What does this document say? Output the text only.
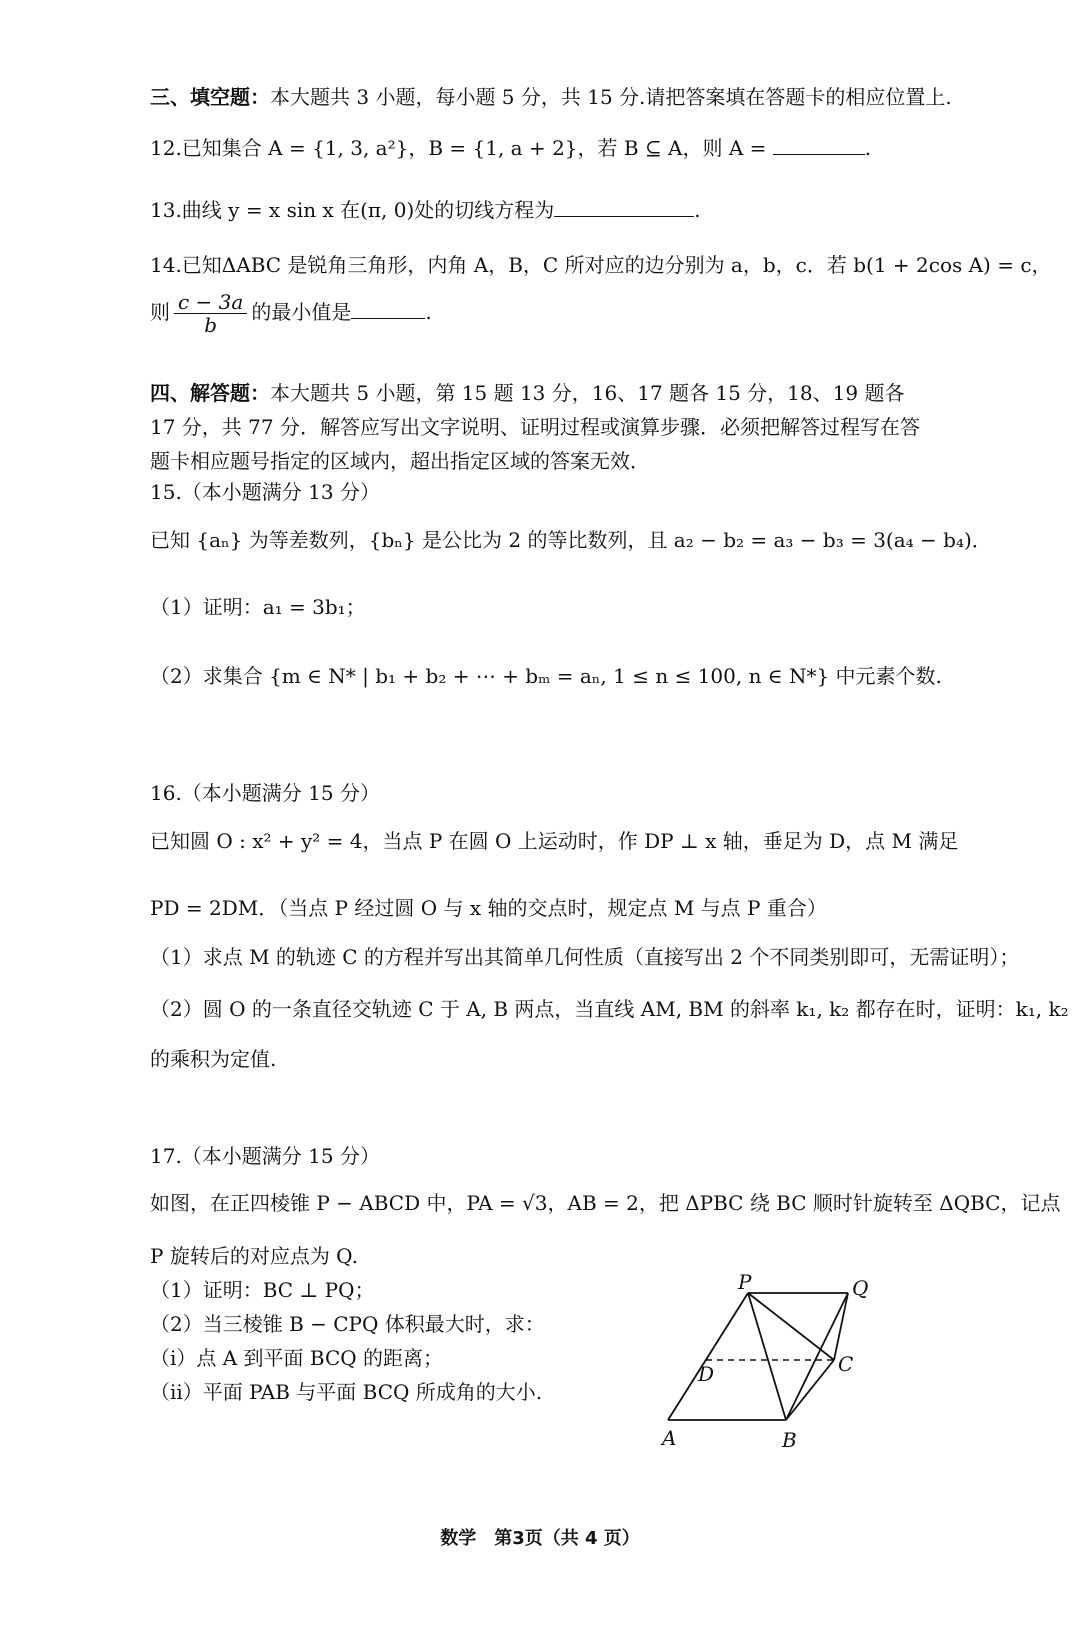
三、填空题：本大题共 3 小题，每小题 5 分，共 15 分.请把答案填在答题卡的相应位置上.
12.已知集合 A = {1, 3, a²}，B = {1, a + 2}，若 B ⊆ A，则 A =	.
13.曲线 y = x sin x 在(π, 0)处的切线方程为	.
14.已知ΔABC 是锐角三角形，内角 A，B，C 所对应的边分别为 a，b，c．若 b(1 + 2cos A) = c，
则 $\frac{c - 3a}{b}$ 的最小值是	.
四、解答题：本大题共 5 小题，第 15 题 13 分，16、17 题各 15 分，18、19 题各 17 分，共 77 分．解答应写出文字说明、证明过程或演算步骤．必须把解答过程写在答题卡相应题号指定的区域内，超出指定区域的答案无效．
15.（本小题满分 13 分）
已知 {aₙ} 为等差数列，{bₙ} 是公比为 2 的等比数列，且 a₂ − b₂ = a₃ − b₃ = 3(a₄ − b₄)．
（1）证明：a₁ = 3b₁；
（2）求集合 {m ∈ N* | b₁ + b₂ + ⋯ + bₘ = aₙ, 1 ≤ n ≤ 100, n ∈ N*} 中元素个数.
16.（本小题满分 15 分）
已知圆 O : x² + y² = 4，当点 P 在圆 O 上运动时，作 DP ⊥ x 轴，垂足为 D，点 M 满足
PD = 2DM．（当点 P 经过圆 O 与 x 轴的交点时，规定点 M 与点 P 重合）
（1）求点 M 的轨迹 C 的方程并写出其简单几何性质（直接写出 2 个不同类别即可，无需证明）；
（2）圆 O 的一条直径交轨迹 C 于 A, B 两点，当直线 AM, BM 的斜率 k₁, k₂ 都存在时，证明：k₁, k₂
的乘积为定值.
17.（本小题满分 15 分）
如图，在正四棱锥 P − ABCD 中，PA = √3，AB = 2，把 ΔPBC 绕 BC 顺时针旋转至 ΔQBC，记点
P 旋转后的对应点为 Q.
（1）证明：BC ⊥ PQ；
（2）当三棱锥 B − CPQ 体积最大时，求：
（i）点 A 到平面 BCQ 的距离；
（ii）平面 PAB 与平面 BCQ 所成角的大小.
P	Q
A	B
C
D
数学　第3页（共 4 页）
